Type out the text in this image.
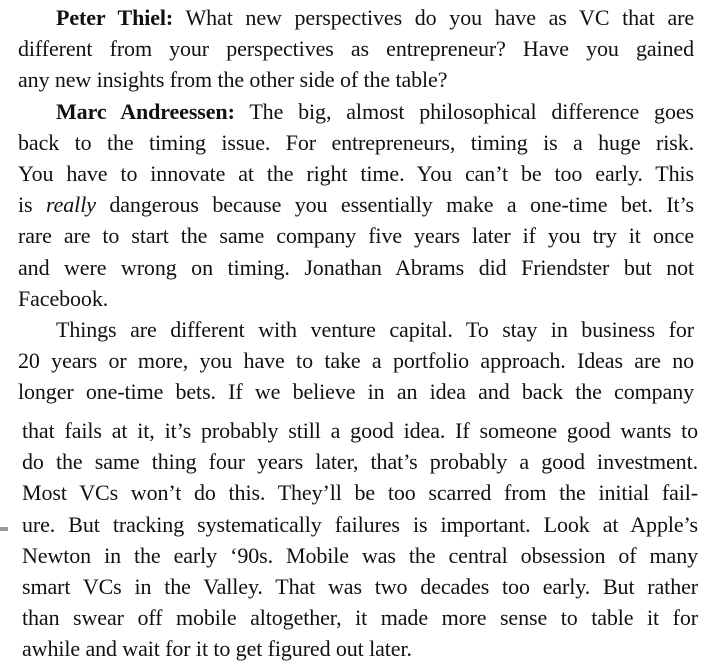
Peter Thiel: What new perspectives do you have as VC that are
different from your perspectives as entrepreneur? Have you gained
any new insights from the other side of the table?
Marc Andreessen: The big, almost philosophical difference goes
back to the timing issue. For entrepreneurs, timing is a huge risk.
You have to innovate at the right time. You can’t be too early. This
is really dangerous because you essentially make a one-time bet. It’s
rare are to start the same company five years later if you try it once
and were wrong on timing. Jonathan Abrams did Friendster but not
Facebook.
Things are different with venture capital. To stay in business for
20 years or more, you have to take a portfolio approach. Ideas are no
longer one-time bets. If we believe in an idea and back the company
that fails at it, it’s probably still a good idea. If someone good wants to
do the same thing four years later, that’s probably a good investment.
Most VCs won’t do this. They’ll be too scarred from the initial fail-
ure. But tracking systematically failures is important. Look at Apple’s
Newton in the early ‘90s. Mobile was the central obsession of many
smart VCs in the Valley. That was two decades too early. But rather
than swear off mobile altogether, it made more sense to table it for
awhile and wait for it to get figured out later.
